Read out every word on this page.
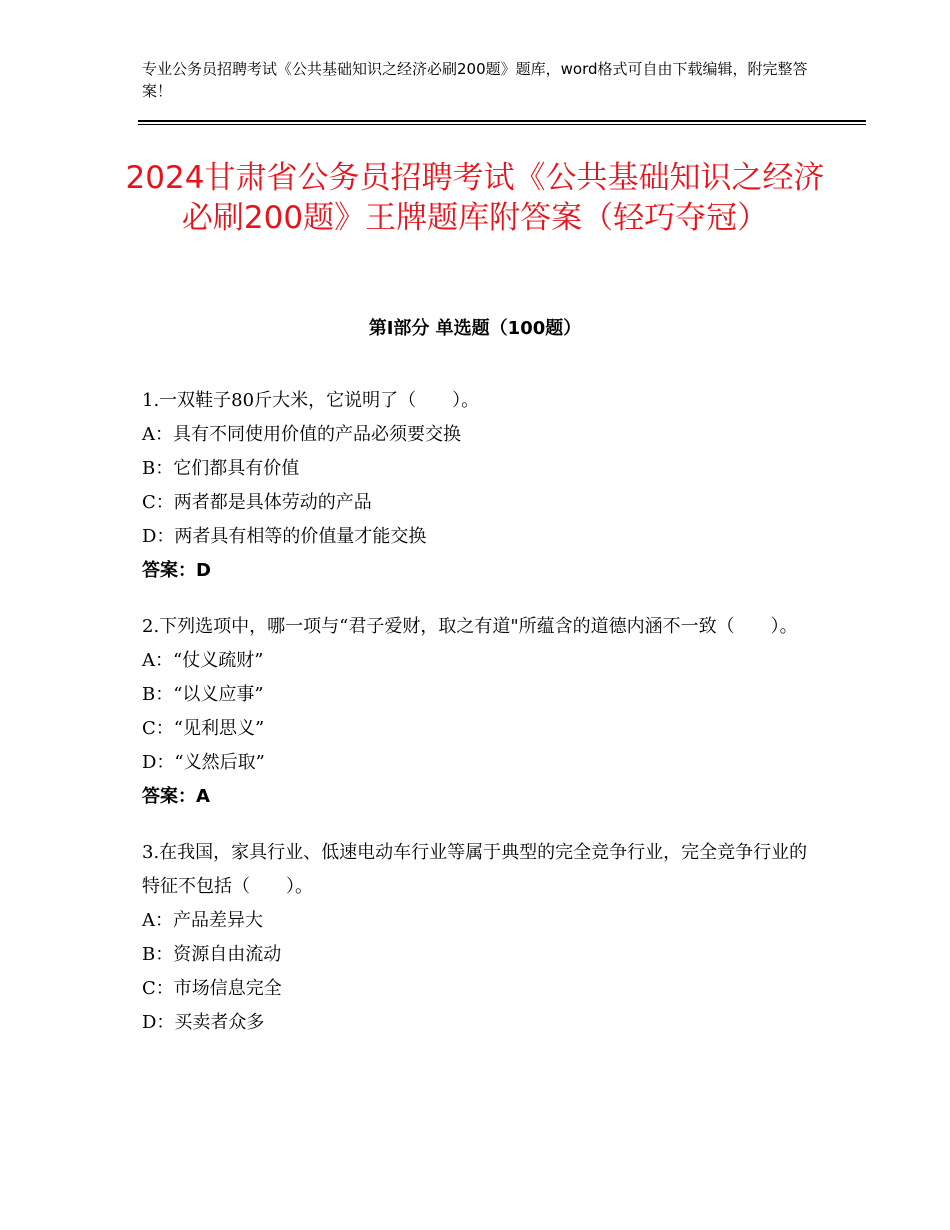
专业公务员招聘考试《公共基础知识之经济必刷200题》题库，word格式可自由下载编辑，附完整答案！
2024甘肃省公务员招聘考试《公共基础知识之经济必刷200题》王牌题库附答案（轻巧夺冠）
第Ⅰ部分 单选题（100题）

1.一双鞋子80斤大米，它说明了（　　）。

A：具有不同使用价值的产品必须要交换

B：它们都具有价值

C：两者都是具体劳动的产品

D：两者具有相等的价值量才能交换

答案：D

2.下列选项中，哪一项与“君子爱财，取之有道"所蕴含的道德内涵不一致（　　）。

A：“仗义疏财”

B：“以义应事”

C：“见利思义”

D：“义然后取”

答案：A

3.在我国，家具行业、低速电动车行业等属于典型的完全竞争行业，完全竞争行业的特征不包括（　　）。

A：产品差异大

B：资源自由流动

C：市场信息完全

D：买卖者众多
